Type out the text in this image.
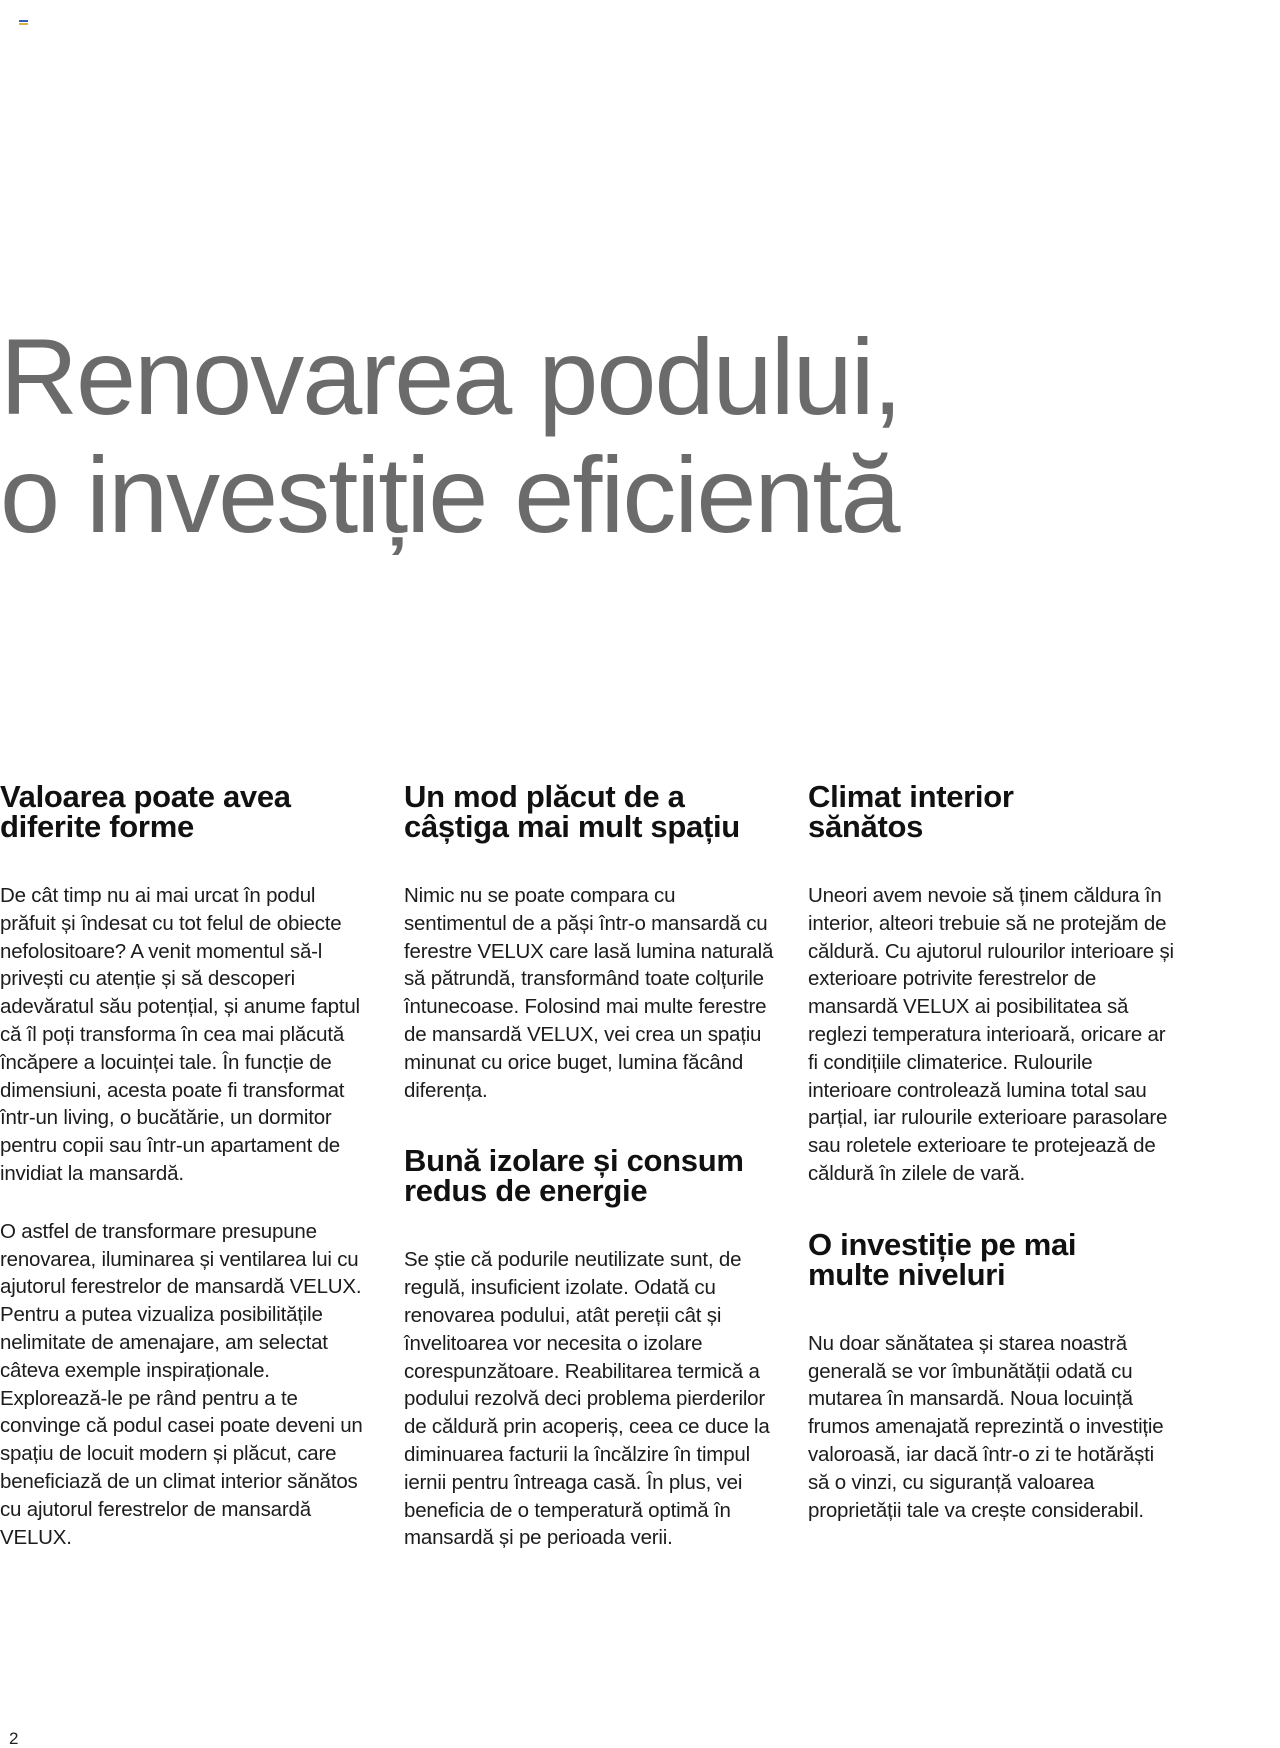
Renovarea podului,
o investiție eficientă
Valoarea poate avea
diferite forme

De cât timp nu ai mai urcat în podul prăfuit și îndesat cu tot felul de obiecte nefolositoare? A venit momentul să-l privești cu atenție și să descoperi adevăratul său potențial, și anume faptul că îl poți transforma în cea mai plăcută încăpere a locuinței tale. În funcție de dimensiuni, acesta poate fi transformat într-un living, o bucătărie, un dormitor pentru copii sau într-un apartament de invidiat la mansardă.

O astfel de transformare presupune renovarea, iluminarea și ventilarea lui cu ajutorul ferestrelor de mansardă VELUX. Pentru a putea vizualiza posibilitățile nelimitate de amenajare, am selectat câteva exemple inspiraționale. Explorează-le pe rând pentru a te convinge că podul casei poate deveni un spațiu de locuit modern și plăcut, care beneficiază de un climat interior sănătos cu ajutorul ferestrelor de mansardă VELUX.

Un mod plăcut de a
câștiga mai mult spațiu

Nimic nu se poate compara cu sentimentul de a păși într-o mansardă cu ferestre VELUX care lasă lumina naturală să pătrundă, transformând toate colțurile întunecoase. Folosind mai multe ferestre de mansardă VELUX, vei crea un spațiu minunat cu orice buget, lumina făcând diferența.

Bună izolare și consum
redus de energie

Se știe că podurile neutilizate sunt, de regulă, insuficient izolate. Odată cu renovarea podului, atât pereții cât și învelitoarea vor necesita o izolare corespunzătoare. Reabilitarea termică a podului rezolvă deci problema pierderilor de căldură prin acoperiș, ceea ce duce la diminuarea facturii la încălzire în timpul iernii pentru întreaga casă. În plus, vei beneficia de o temperatură optimă în mansardă și pe perioada verii.

Climat interior
sănătos

Uneori avem nevoie să ținem căldura în interior, alteori trebuie să ne protejăm de căldură. Cu ajutorul rulourilor interioare și exterioare potrivite ferestrelor de mansardă VELUX ai posibilitatea să reglezi temperatura interioară, oricare ar fi condițiile climaterice. Rulourile interioare controlează lumina total sau parțial, iar rulourile exterioare parasolare sau roletele exterioare te protejează de căldură în zilele de vară.

O investiție pe mai
multe niveluri

Nu doar sănătatea și starea noastră generală se vor îmbunătății odată cu mutarea în mansardă. Noua locuință frumos amenajată reprezintă o investiție valoroasă, iar dacă într-o zi te hotărăști să o vinzi, cu siguranță valoarea proprietății tale va crește considerabil.

2
